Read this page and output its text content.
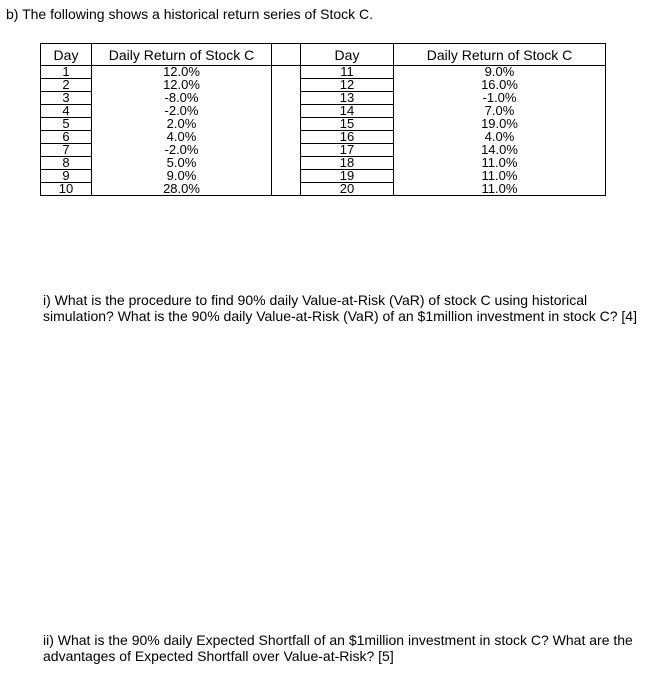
b) The following shows a historical return series of Stock C.
Day	Daily Return of Stock C		Day	Daily Return of Stock C
1	12.0%		11	9.0%
2	12.0%		12	16.0%
3	-8.0%		13	-1.0%
4	-2.0%		14	7.0%
5	2.0%		15	19.0%
6	4.0%		16	4.0%
7	-2.0%		17	14.0%
8	5.0%		18	11.0%
9	9.0%		19	11.0%
10	28.0%		20	11.0%
i) What is the procedure to find 90% daily Value-at-Risk (VaR) of stock C using historical simulation? What is the 90% daily Value-at-Risk (VaR) of an $1million investment in stock C? [4]
ii) What is the 90% daily Expected Shortfall of an $1million investment in stock C? What are the advantages of Expected Shortfall over Value-at-Risk? [5]
